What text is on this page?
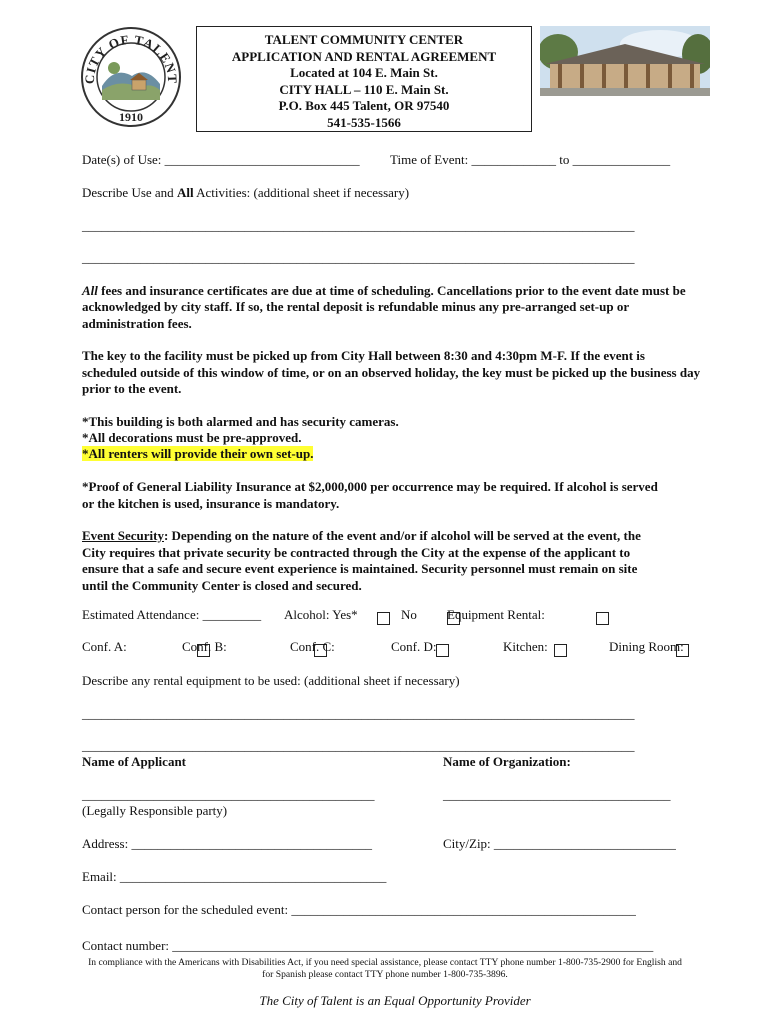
CITY OF TALENT
1910
TALENT COMMUNITY CENTER
APPLICATION AND RENTAL AGREEMENT
Located at 104 E. Main St.
CITY HALL – 110 E. Main St.
P.O. Box 445 Talent, OR 97540
541-535-1566
Date(s) of Use: ______________________________ Time of Event: _____________ to _______________
Describe Use and All Activities: (additional sheet if necessary)
_____________________________________________________________________________________
_____________________________________________________________________________________
All fees and insurance certificates are due at time of scheduling. Cancellations prior to the event date must be
acknowledged by city staff. If so, the rental deposit is refundable minus any pre-arranged set-up or
administration fees.
The key to the facility must be picked up from City Hall between 8:30 and 4:30pm M-F. If the event is
scheduled outside of this window of time, or on an observed holiday, the key must be picked up the business day
prior to the event.
*This building is both alarmed and has security cameras.
*All decorations must be pre-approved.
*All renters will provide their own set-up.
*Proof of General Liability Insurance at $2,000,000 per occurrence may be required. If alcohol is served
or the kitchen is used, insurance is mandatory.
Event Security: Depending on the nature of the event and/or if alcohol will be served at the event, the
City requires that private security be contracted through the City at the expense of the applicant to
ensure that a safe and secure event experience is maintained. Security personnel must remain on site
until the Community Center is closed and secured.
Estimated Attendance: _________ Alcohol: Yes*
	No
Equipment Rental:

Conf. A:
	Conf. B:
	Conf. C:
	Conf. D:
	Kitchen:
	Dining Room:
Describe any rental equipment to be used: (additional sheet if necessary)
_____________________________________________________________________________________
_____________________________________________________________________________________
Name of Applicant	Name of Organization:
_____________________________________________	___________________________________
(Legally Responsible party)
Address: _____________________________________	City/Zip: ____________________________
Email: _________________________________________
Contact person for the scheduled event: _____________________________________________________
Contact number: __________________________________________________________________________
In compliance with the Americans with Disabilities Act, if you need special assistance, please contact TTY phone number 1-800-735-2900 for English and
for Spanish please contact TTY phone number 1-800-735-3896.
The City of Talent is an Equal Opportunity Provider
